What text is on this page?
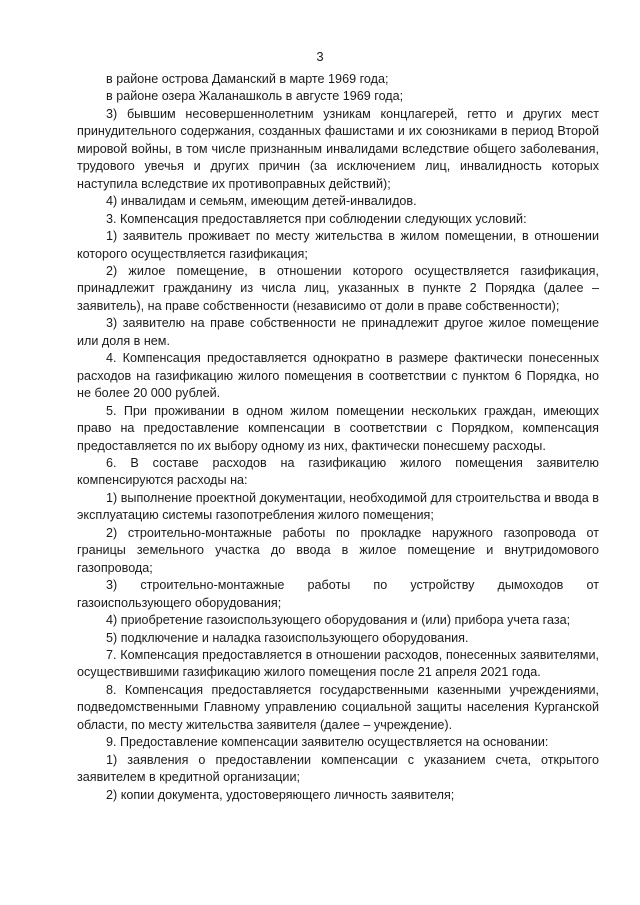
3

в районе острова Даманский в марте 1969 года;

в районе озера Жаланашколь в августе 1969 года;

3) бывшим несовершеннолетним узникам концлагерей, гетто и других мест принудительного содержания, созданных фашистами и их союзниками в период Второй мировой войны, в том числе признанным инвалидами вследствие общего заболевания, трудового увечья и других причин (за исключением лиц, инвалидность которых наступила вследствие их противоправных действий);

4) инвалидам и семьям, имеющим детей-инвалидов.

3. Компенсация предоставляется при соблюдении следующих условий:

1) заявитель проживает по месту жительства в жилом помещении, в отношении которого осуществляется газификация;

2) жилое помещение, в отношении которого осуществляется газификация, принадлежит гражданину из числа лиц, указанных в пункте 2 Порядка (далее – заявитель), на праве собственности (независимо от доли в праве собственности);

3) заявителю на праве собственности не принадлежит другое жилое помещение или доля в нем.

4. Компенсация предоставляется однократно в размере фактически понесенных расходов на газификацию жилого помещения в соответствии с пунктом 6 Порядка, но не более 20 000 рублей.

5. При проживании в одном жилом помещении нескольких граждан, имеющих право на предоставление компенсации в соответствии с Порядком, компенсация предоставляется по их выбору одному из них, фактически понесшему расходы.

6. В составе расходов на газификацию жилого помещения заявителю компенсируются расходы на:

1) выполнение проектной документации, необходимой для строительства и ввода в эксплуатацию системы газопотребления жилого помещения;

2) строительно-монтажные работы по прокладке наружного газопровода от границы земельного участка до ввода в жилое помещение и внутридомового газопровода;

3) строительно-монтажные работы по устройству дымоходов от газоиспользующего оборудования;

4) приобретение газоиспользующего оборудования и (или) прибора учета газа;

5) подключение и наладка газоиспользующего оборудования.

7. Компенсация предоставляется в отношении расходов, понесенных заявителями, осуществившими газификацию жилого помещения после 21 апреля 2021 года.

8. Компенсация предоставляется государственными казенными учреждениями, подведомственными Главному управлению социальной защиты населения Курганской области, по месту жительства заявителя (далее – учреждение).

9. Предоставление компенсации заявителю осуществляется на основании:

1) заявления о предоставлении компенсации с указанием счета, открытого заявителем в кредитной организации;

2) копии документа, удостоверяющего личность заявителя;
